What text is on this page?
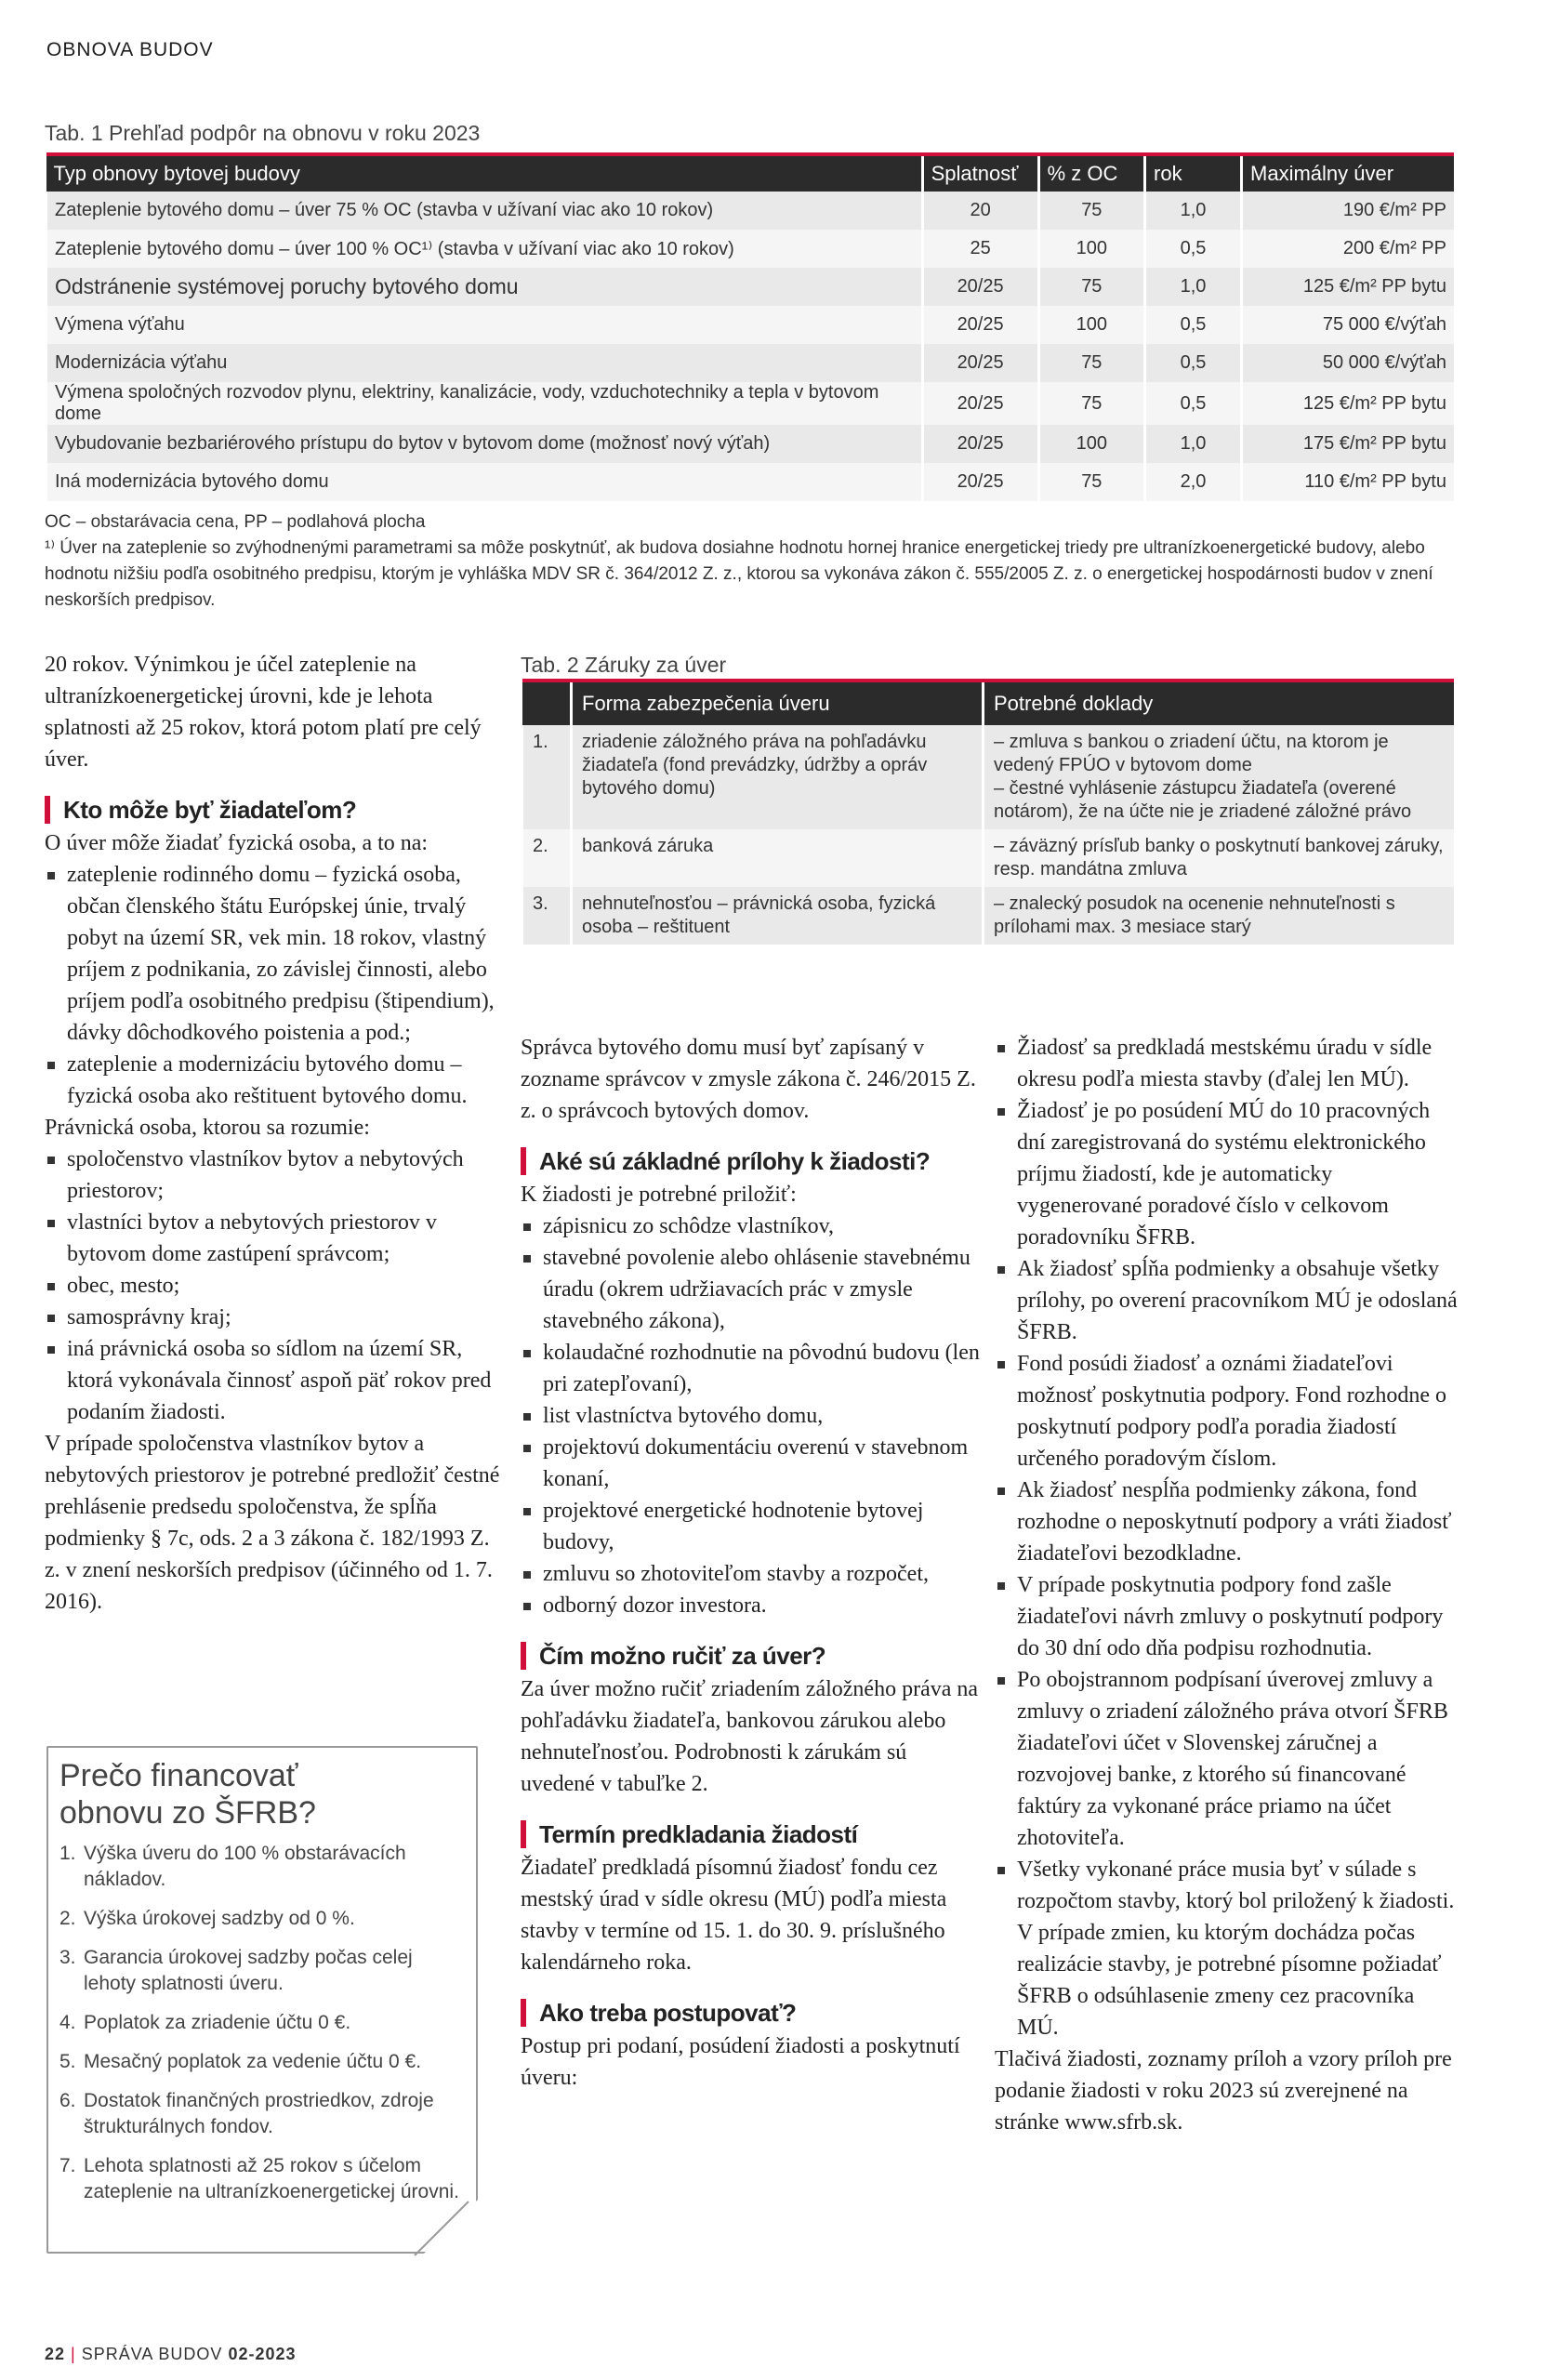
OBNOVA BUDOV
Tab. 1 Prehľad podpôr na obnovu v roku 2023
Typ obnovy bytovej budovy	Splatnosť	% z OC	rok	Maximálny úver
Zateplenie bytového domu – úver 75 % OC (stavba v užívaní viac ako 10 rokov)	20	75	1,0	190 €/m² PP
Zateplenie bytového domu – úver 100 % OC¹⁾ (stavba v užívaní viac ako 10 rokov)	25	100	0,5	200 €/m² PP
Odstránenie systémovej poruchy bytového domu	20/25	75	1,0	125 €/m² PP bytu
Výmena výťahu	20/25	100	0,5	75 000 €/výťah
Modernizácia výťahu	20/25	75	0,5	50 000 €/výťah
Výmena spoločných rozvodov plynu, elektriny, kanalizácie, vody, vzduchotechniky a tepla v bytovom dome	20/25	75	0,5	125 €/m² PP bytu
Vybudovanie bezbariérového prístupu do bytov v bytovom dome (možnosť nový výťah)	20/25	100	1,0	175 €/m² PP bytu
Iná modernizácia bytového domu	20/25	75	2,0	110 €/m² PP bytu
OC – obstarávacia cena, PP – podlahová plocha
¹⁾ Úver na zateplenie so zvýhodnenými parametrami sa môže poskytnúť, ak budova dosiahne hodnotu hornej hranice energetickej triedy pre ultranízkoenergetické budovy, alebo hodnotu nižšiu podľa osobitného predpisu, ktorým je vyhláška MDV SR č. 364/2012 Z. z., ktorou sa vykonáva zákon č. 555/2005 Z. z. o energetickej hospodárnosti budov v znení neskorších predpisov.

20 rokov. Výnimkou je účel zateplenie na ultranízkoenergetickej úrovni, kde je lehota splatnosti až 25 rokov, ktorá potom platí pre celý úver.

Kto môže byť žiadateľom?

O úver môže žiadať fyzická osoba, a to na:

zateplenie rodinného domu – fyzická osoba, občan členského štátu Európskej únie, trvalý pobyt na území SR, vek min. 18 rokov, vlastný príjem z podnikania, zo závislej činnosti, alebo príjem podľa osobitného predpisu (štipendium), dávky dôchodkového poistenia a pod.;
zateplenie a modernizáciu bytového domu – fyzická osoba ako reštituent bytového domu.

Právnická osoba, ktorou sa rozumie:

spoločenstvo vlastníkov bytov a nebytových priestorov;
vlastníci bytov a nebytových priestorov v bytovom dome zastúpení správcom;
obec, mesto;
samosprávny kraj;
iná právnická osoba so sídlom na území SR, ktorá vykonávala činnosť aspoň päť rokov pred podaním žiadosti.

V prípade spoločenstva vlastníkov bytov a nebytových priestorov je potrebné predložiť čestné prehlásenie predsedu spoločenstva, že spĺňa podmienky § 7c, ods. 2 a 3 zákona č. 182/1993 Z. z. v znení neskorších predpisov (účinného od 1. 7. 2016).

Prečo financovať
obnovu zo ŠFRB?
1. Výška úveru do 100 % obstarávacích nákladov.
2. Výška úrokovej sadzby od 0 %.
3. Garancia úrokovej sadzby počas celej lehoty splatnosti úveru.
4. Poplatok za zriadenie účtu 0 €.
5. Mesačný poplatok za vedenie účtu 0 €.
6. Dostatok finančných prostriedkov, zdroje štrukturálnych fondov.
7. Lehota splatnosti až 25 rokov s účelom zateplenie na ultranízkoenergetickej úrovni.
Tab. 2 Záruky za úver
	Forma zabezpečenia úveru	Potrebné doklady
1.	zriadenie záložného práva na pohľadávku žiadateľa (fond prevádzky, údržby a opráv bytového domu)	– zmluva s bankou o zriadení účtu, na ktorom je vedený FPÚO v bytovom dome
– čestné vyhlásenie zástupcu žiadateľa (overené notárom), že na účte nie je zriadené záložné právo

2.	banková záruka	– záväzný prísľub banky o poskytnutí bankovej záruky, resp. mandátna zmluva

3.	nehnuteľnosťou – právnická osoba, fyzická osoba – reštituent	– znalecký posudok na ocenenie nehnuteľnosti s prílohami max. 3 mesiace starý

Správca bytového domu musí byť zapísaný v zozname správcov v zmysle zákona č. 246/2015 Z. z. o správcoch bytových domov.

Aké sú základné prílohy k žiadosti?

K žiadosti je potrebné priložiť:

zápisnicu zo schôdze vlastníkov,
stavebné povolenie alebo ohlásenie stavebnému úradu (okrem udržiavacích prác v zmysle stavebného zákona),
kolaudačné rozhodnutie na pôvodnú budovu (len pri zatepľovaní),
list vlastníctva bytového domu,
projektovú dokumentáciu overenú v stavebnom konaní,
projektové energetické hodnotenie bytovej budovy,
zmluvu so zhotoviteľom stavby a rozpočet,
odborný dozor investora.
Čím možno ručiť za úver?

Za úver možno ručiť zriadením záložného práva na pohľadávku žiadateľa, bankovou zárukou alebo nehnuteľnosťou. Podrobnosti k zárukám sú uvedené v tabuľke 2.

Termín predkladania žiadostí

Žiadateľ predkladá písomnú žiadosť fondu cez mestský úrad v sídle okresu (MÚ) podľa miesta stavby v termíne od 15. 1. do 30. 9. príslušného kalendárneho roka.

Ako treba postupovať?

Postup pri podaní, posúdení žiadosti a poskytnutí úveru:

Žiadosť sa predkladá mestskému úradu v sídle okresu podľa miesta stavby (ďalej len MÚ).
Žiadosť je po posúdení MÚ do 10 pracovných dní zaregistrovaná do systému elektronického príjmu žiadostí, kde je automaticky vygenerované poradové číslo v celkovom poradovníku ŠFRB.
Ak žiadosť spĺňa podmienky a obsahuje všetky prílohy, po overení pracovníkom MÚ je odoslaná ŠFRB.
Fond posúdi žiadosť a oznámi žiadateľovi možnosť poskytnutia podpory. Fond rozhodne o poskytnutí podpory podľa poradia žiadostí určeného poradovým číslom.
Ak žiadosť nespĺňa podmienky zákona, fond rozhodne o neposkytnutí podpory a vráti žiadosť žiadateľovi bezodkladne.
V prípade poskytnutia podpory fond zašle žiadateľovi návrh zmluvy o poskytnutí podpory do 30 dní odo dňa podpisu rozhodnutia.
Po obojstrannom podpísaní úverovej zmluvy a zmluvy o zriadení záložného práva otvorí ŠFRB žiadateľovi účet v Slovenskej záručnej a rozvojovej banke, z ktorého sú financované faktúry za vykonané práce priamo na účet zhotoviteľa.
Všetky vykonané práce musia byť v súlade s rozpočtom stavby, ktorý bol priložený k žiadosti. V prípade zmien, ku ktorým dochádza počas realizácie stavby, je potrebné písomne požiadať ŠFRB o odsúhlasenie zmeny cez pracovníka MÚ.

Tlačivá žiadosti, zoznamy príloh a vzory príloh pre podanie žiadosti v roku 2023 sú zverejnené na stránke www.sfrb.sk.

22 | SPRÁVA BUDOV 02-2023
